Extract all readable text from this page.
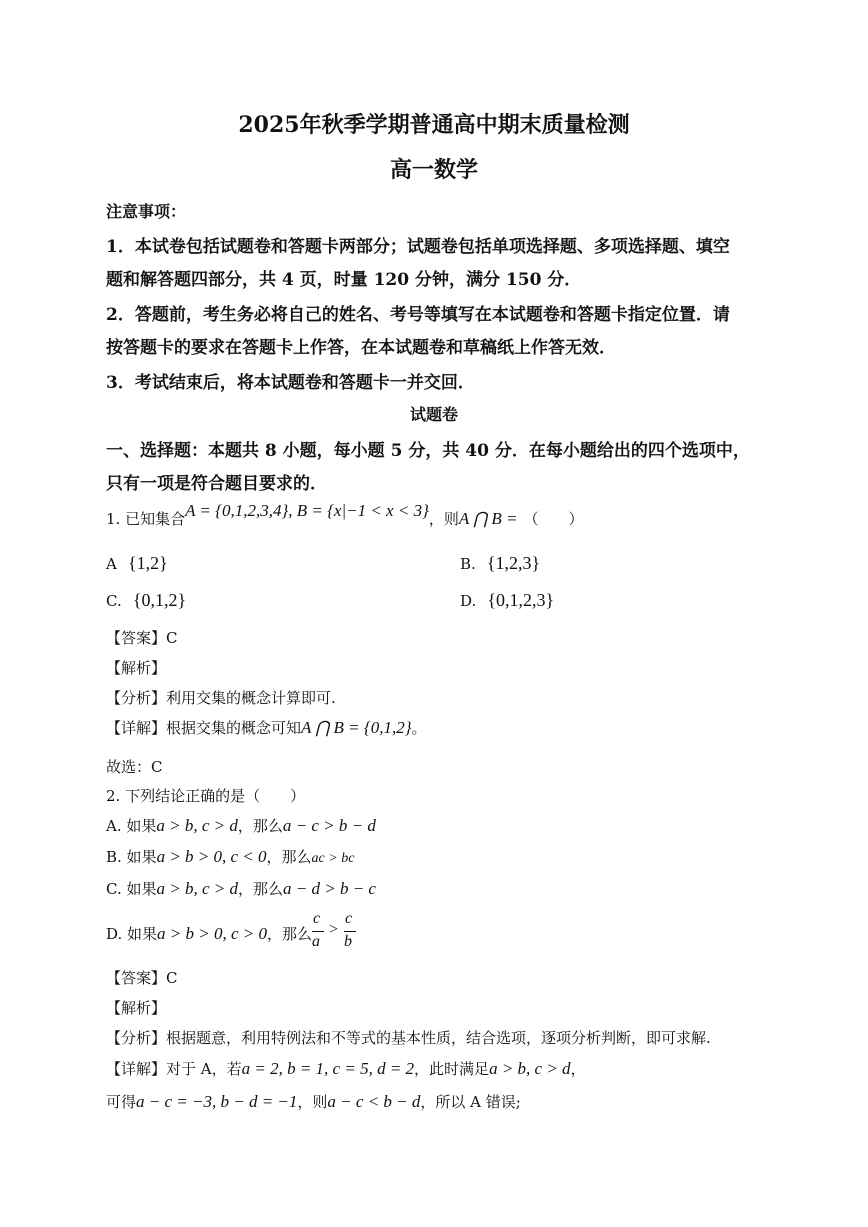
2025年秋季学期普通高中期末质量检测
高一数学
注意事项：
1．本试卷包括试题卷和答题卡两部分；试题卷包括单项选择题、多项选择题、填空
题和解答题四部分，共 4 页，时量 120 分钟，满分 150 分．
2．答题前，考生务必将自己的姓名、考号等填写在本试题卷和答题卡指定位置．请
按答题卡的要求在答题卡上作答，在本试题卷和草稿纸上作答无效．
3．考试结束后，将本试题卷和答题卡一并交回．
试题卷
一、选择题：本题共 8 小题，每小题 5 分，共 40 分．在每小题给出的四个选项中，
只有一项是符合题目要求的．
1. 已知集合A = {0,1,2,3,4}, B = {x|−1 < x < 3}，则A ⋂ B = （　　）
A {1,2}	B. {1,2,3}
C. {0,1,2}	D. {0,1,2,3}
【答案】C
【解析】
【分析】利用交集的概念计算即可.
【详解】根据交集的概念可知A ⋂ B = {0,1,2}。
故选：C
2. 下列结论正确的是（　　）
A. 如果a > b, c > d，那么a − c > b − d
B. 如果a > b > 0, c < 0，那么ac > bc
C. 如果a > b, c > d，那么a − d > b − c
D. 如果a > b > 0, c > 0，那么
c
a
>
c
b
【答案】C
【解析】
【分析】根据题意，利用特例法和不等式的基本性质，结合选项，逐项分析判断，即可求解.
【详解】对于 A，若a = 2, b = 1, c = 5, d = 2，此时满足a > b, c > d，
可得a − c = −3, b − d = −1，则a − c < b − d，所以 A 错误;
